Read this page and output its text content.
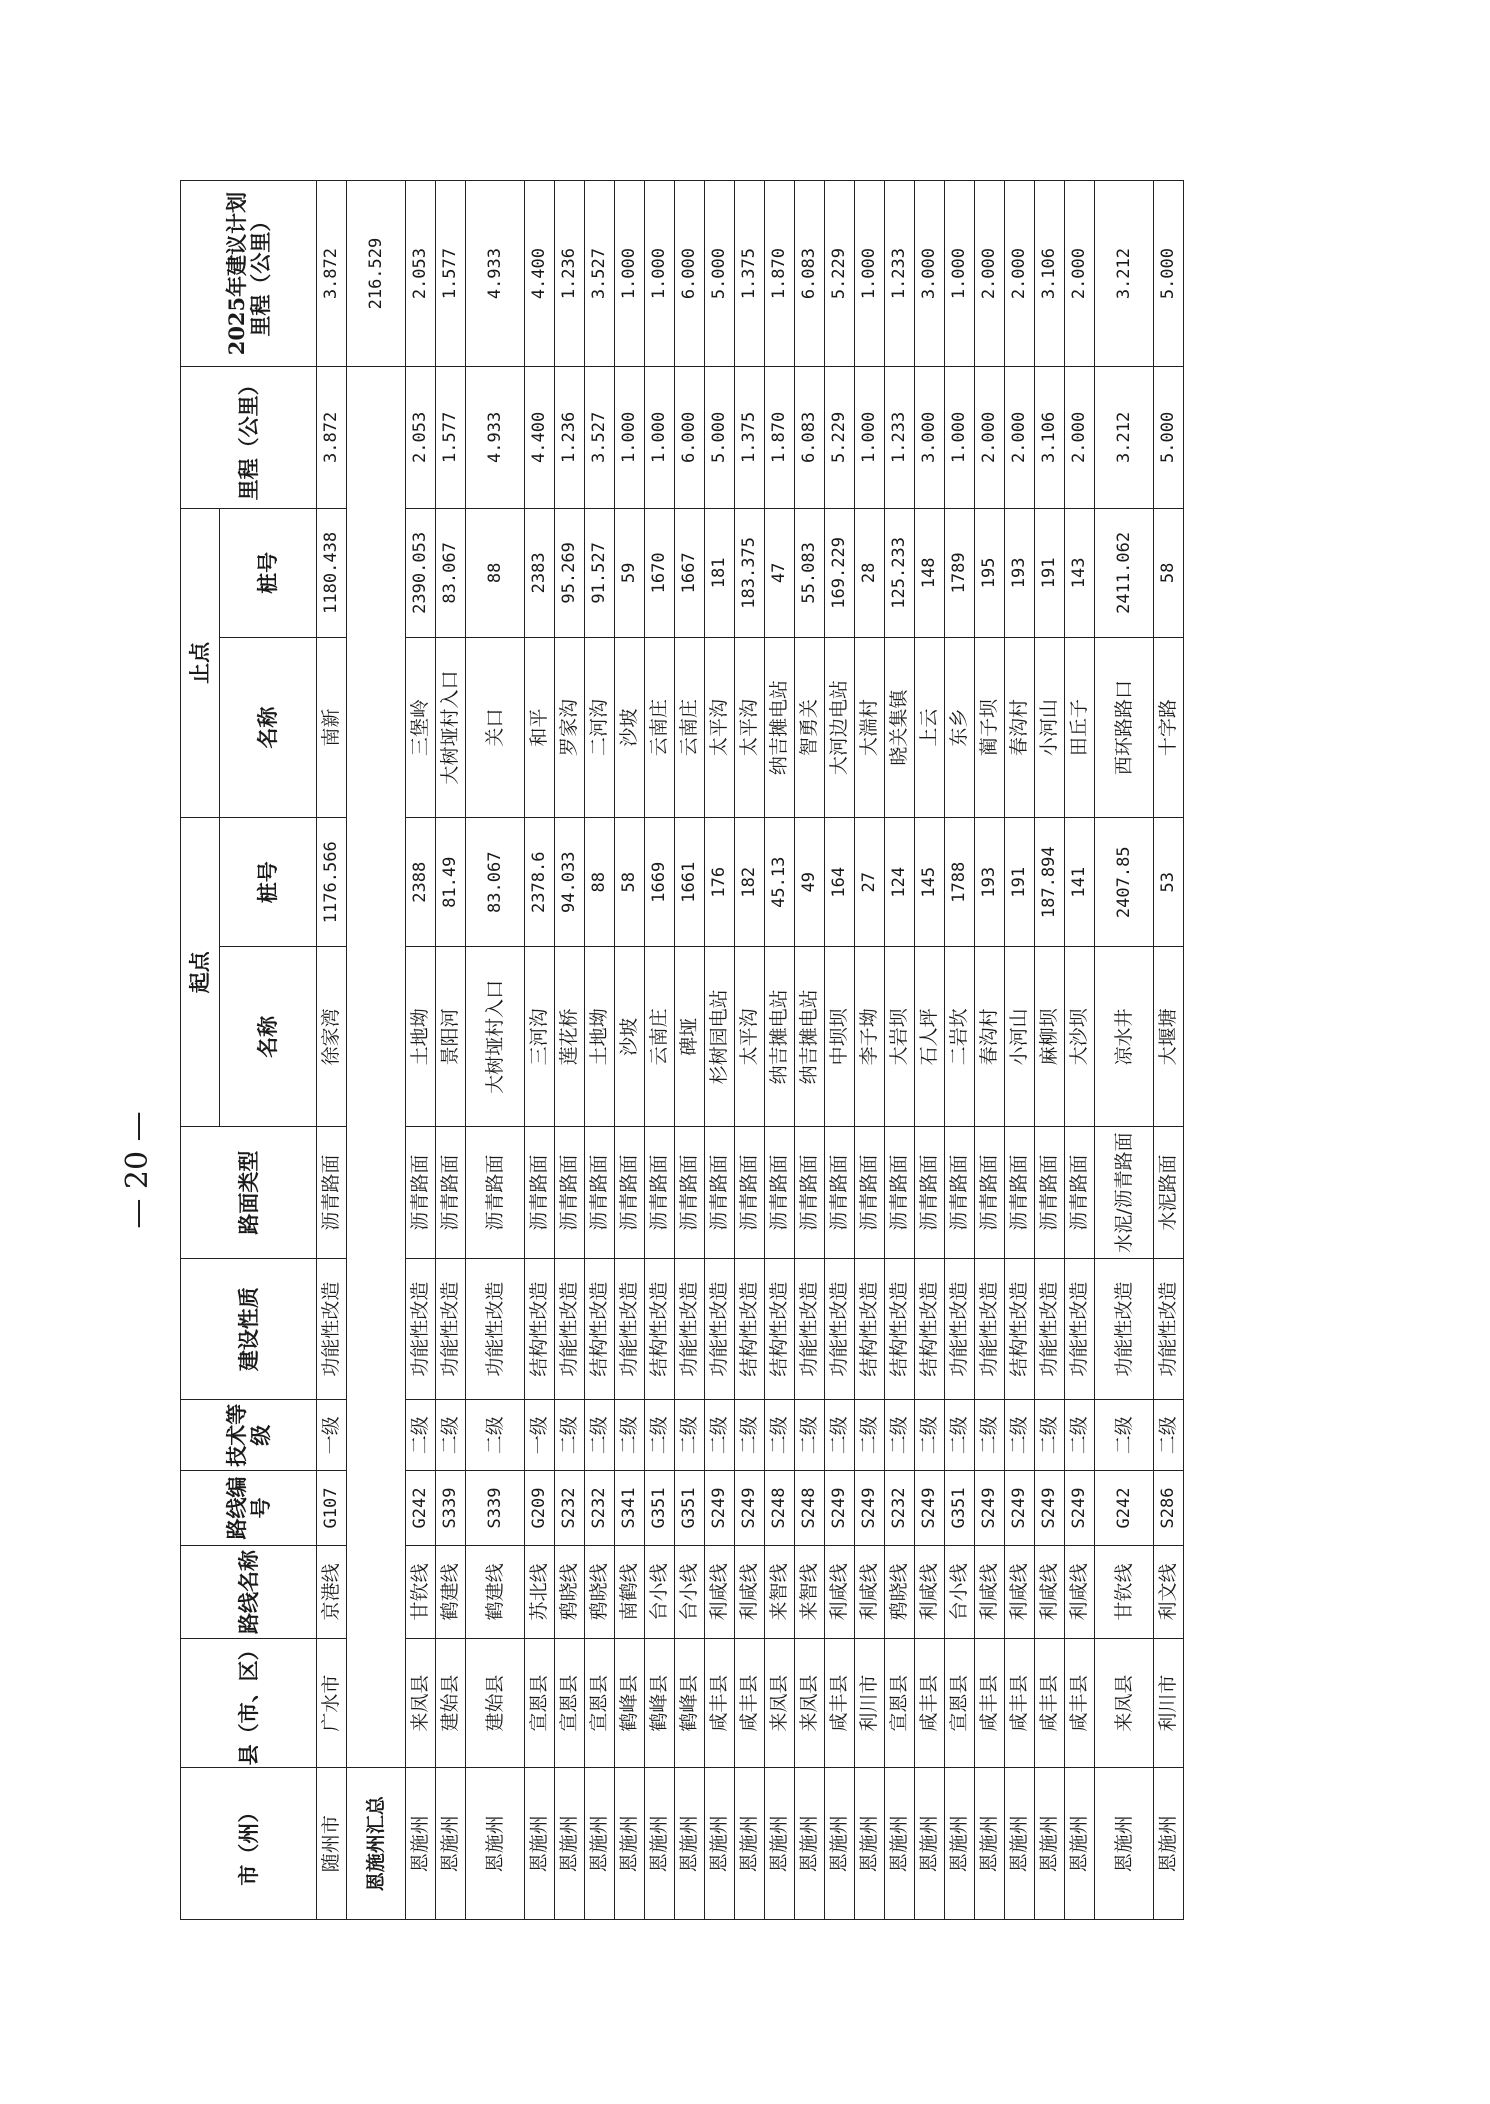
市（州）	县（市、区）	路线名称	路线编号	技术等级	建设性质	路面类型	起点		止点		里程（公里）	2025年建议计划里程（公里）
							名称	桩号	名称	桩号		
随州市	广水市	京港线	G107	一级	功能性改造	沥青路面	徐家湾	1176.566	南新	1180.438	3.872	3.872
恩施州汇总												216.529
恩施州	来凤县	甘钦线	G242	二级	功能性改造	沥青路面	土地坳	2388	三堡岭	2390.053	2.053	2.053
恩施州	建始县	鹤建线	S339	二级	功能性改造	沥青路面	景阳河	81.49	大树垭村入口	83.067	1.577	1.577
恩施州	建始县	鹤建线	S339	二级	功能性改造	沥青路面	大树垭村入口	83.067	关口	88	4.933	4.933
恩施州	宣恩县	苏北线	G209	一级	结构性改造	沥青路面	三河沟	2378.6	和平	2383	4.400	4.400
恩施州	宣恩县	鸦晓线	S232	二级	功能性改造	沥青路面	莲花桥	94.033	罗家沟	95.269	1.236	1.236
恩施州	宣恩县	鸦晓线	S232	二级	结构性改造	沥青路面	土地坳	88	二河沟	91.527	3.527	3.527
恩施州	鹤峰县	南鹤线	S341	二级	功能性改造	沥青路面	沙坡	58	沙坡	59	1.000	1.000
恩施州	鹤峰县	台小线	G351	二级	结构性改造	沥青路面	云南庄	1669	云南庄	1670	1.000	1.000
恩施州	鹤峰县	台小线	G351	二级	功能性改造	沥青路面	碑垭	1661	云南庄	1667	6.000	6.000
恩施州	咸丰县	利咸线	S249	二级	功能性改造	沥青路面	杉树园电站	176	太平沟	181	5.000	5.000
恩施州	咸丰县	利咸线	S249	二级	结构性改造	沥青路面	太平沟	182	太平沟	183.375	1.375	1.375
恩施州	来凤县	来智线	S248	二级	结构性改造	沥青路面	纳吉摊电站	45.13	纳吉摊电站	47	1.870	1.870
恩施州	来凤县	来智线	S248	二级	功能性改造	沥青路面	纳吉摊电站	49	智勇关	55.083	6.083	6.083
恩施州	咸丰县	利咸线	S249	二级	功能性改造	沥青路面	中坝坝	164	大河边电站	169.229	5.229	5.229
恩施州	利川市	利咸线	S249	二级	结构性改造	沥青路面	李子坳	27	大湍村	28	1.000	1.000
恩施州	宣恩县	鸦晓线	S232	二级	结构性改造	沥青路面	大岩坝	124	晓关集镇	125.233	1.233	1.233
恩施州	咸丰县	利咸线	S249	二级	结构性改造	沥青路面	石人坪	145	上云	148	3.000	3.000
恩施州	宣恩县	台小线	G351	二级	功能性改造	沥青路面	二岩坎	1788	东乡	1789	1.000	1.000
恩施州	咸丰县	利咸线	S249	二级	功能性改造	沥青路面	春沟村	193	蔺子坝	195	2.000	2.000
恩施州	咸丰县	利咸线	S249	二级	结构性改造	沥青路面	小河山	191	春沟村	193	2.000	2.000
恩施州	咸丰县	利咸线	S249	二级	功能性改造	沥青路面	麻柳坝	187.894	小河山	191	3.106	3.106
恩施州	咸丰县	利咸线	S249	二级	功能性改造	沥青路面	大沙坝	141	田丘子	143	2.000	2.000
恩施州	来凤县	甘钦线	G242	二级	功能性改造	水泥/沥青路面	凉水井	2407.85	西环路路口	2411.062	3.212	3.212
恩施州	利川市	利文线	S286	二级	功能性改造	水泥路面	大堰塘	53	十字路	58	5.000	5.000
— 20 —
